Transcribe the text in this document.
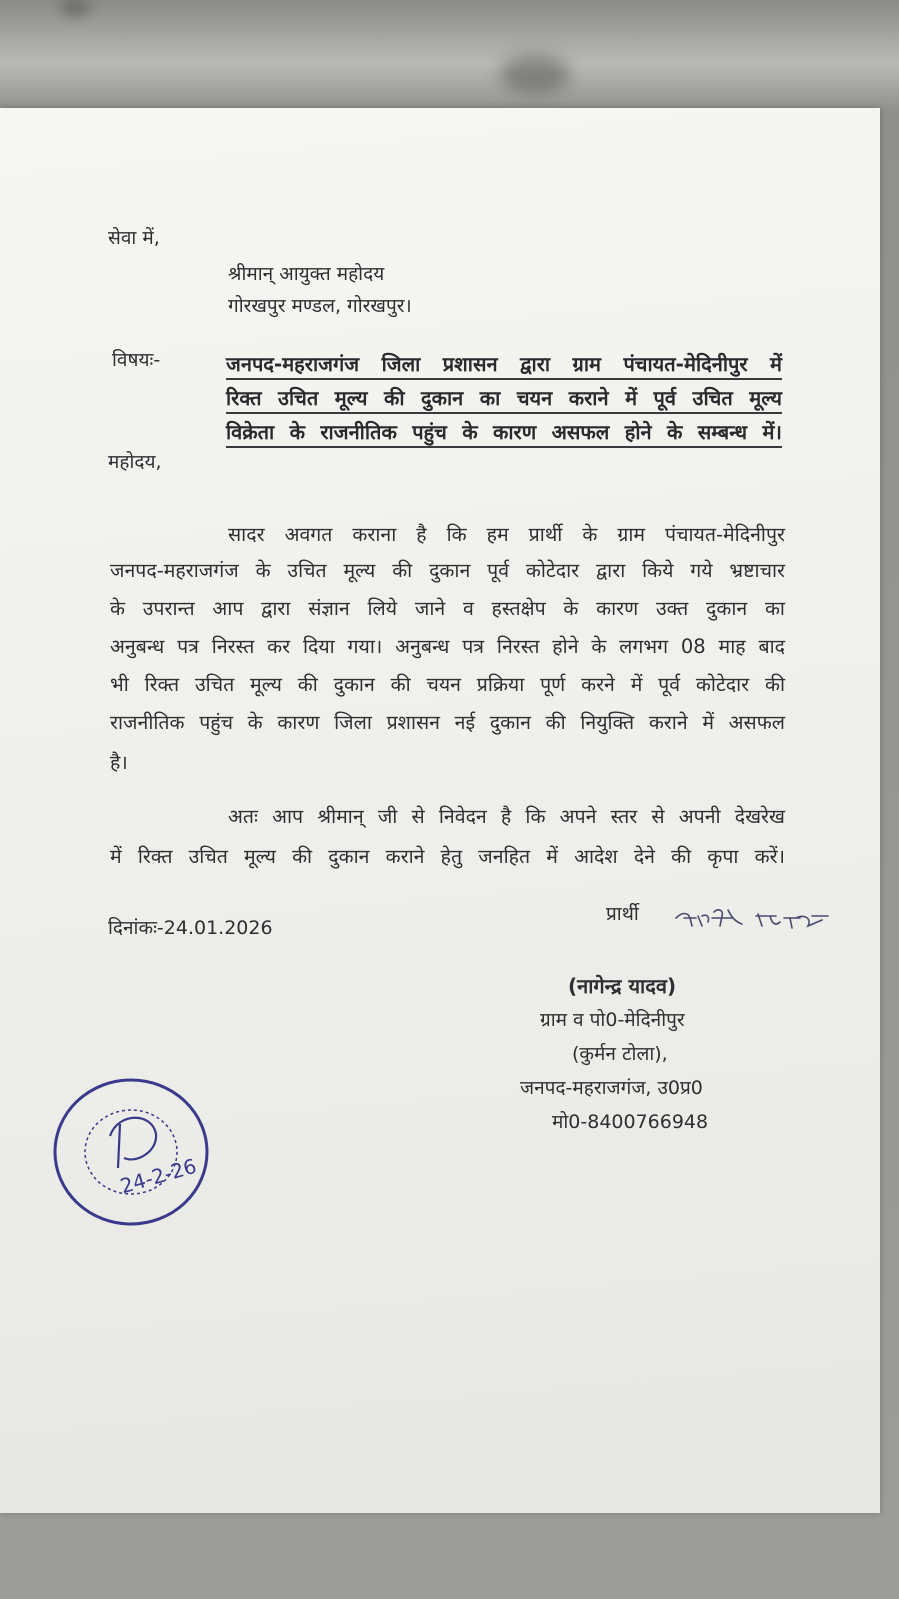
सेवा में,
श्रीमान् आयुक्त महोदय
गोरखपुर मण्डल, गोरखपुर।
विषयः-	जनपद-महराजगंज जिला प्रशासन द्वारा ग्राम पंचायत-मेदिनीपुर में
रिक्त उचित मूल्य की दुकान का चयन कराने में पूर्व उचित मूल्य
विक्रेता के राजनीतिक पहुंच के कारण असफल होने के सम्बन्ध में।
महोदय,
सादर अवगत कराना है कि हम प्रार्थी के ग्राम पंचायत-मेदिनीपुर
जनपद-महराजगंज के उचित मूल्य की दुकान पूर्व कोटेदार द्वारा किये गये भ्रष्टाचार
के उपरान्त आप द्वारा संज्ञान लिये जाने व हस्तक्षेप के कारण उक्त दुकान का
अनुबन्ध पत्र निरस्त कर दिया गया। अनुबन्ध पत्र निरस्त होने के लगभग 08 माह बाद
भी रिक्त उचित मूल्य की दुकान की चयन प्रक्रिया पूर्ण करने में पूर्व कोटेदार की
राजनीतिक पहुंच के कारण जिला प्रशासन नई दुकान की नियुक्ति कराने में असफल
है।
अतः आप श्रीमान् जी से निवेदन है कि अपने स्तर से अपनी देखरेख
में रिक्त उचित मूल्य की दुकान कराने हेतु जनहित में आदेश देने की कृपा करें।
दिनांकः-24.01.2026
प्रार्थी
(नागेन्द्र यादव)
ग्राम व पो0-मेदिनीपुर
(कुर्मन टोला),
जनपद-महराजगंज, उ0प्र0
मो0-8400766948
24-2-26
